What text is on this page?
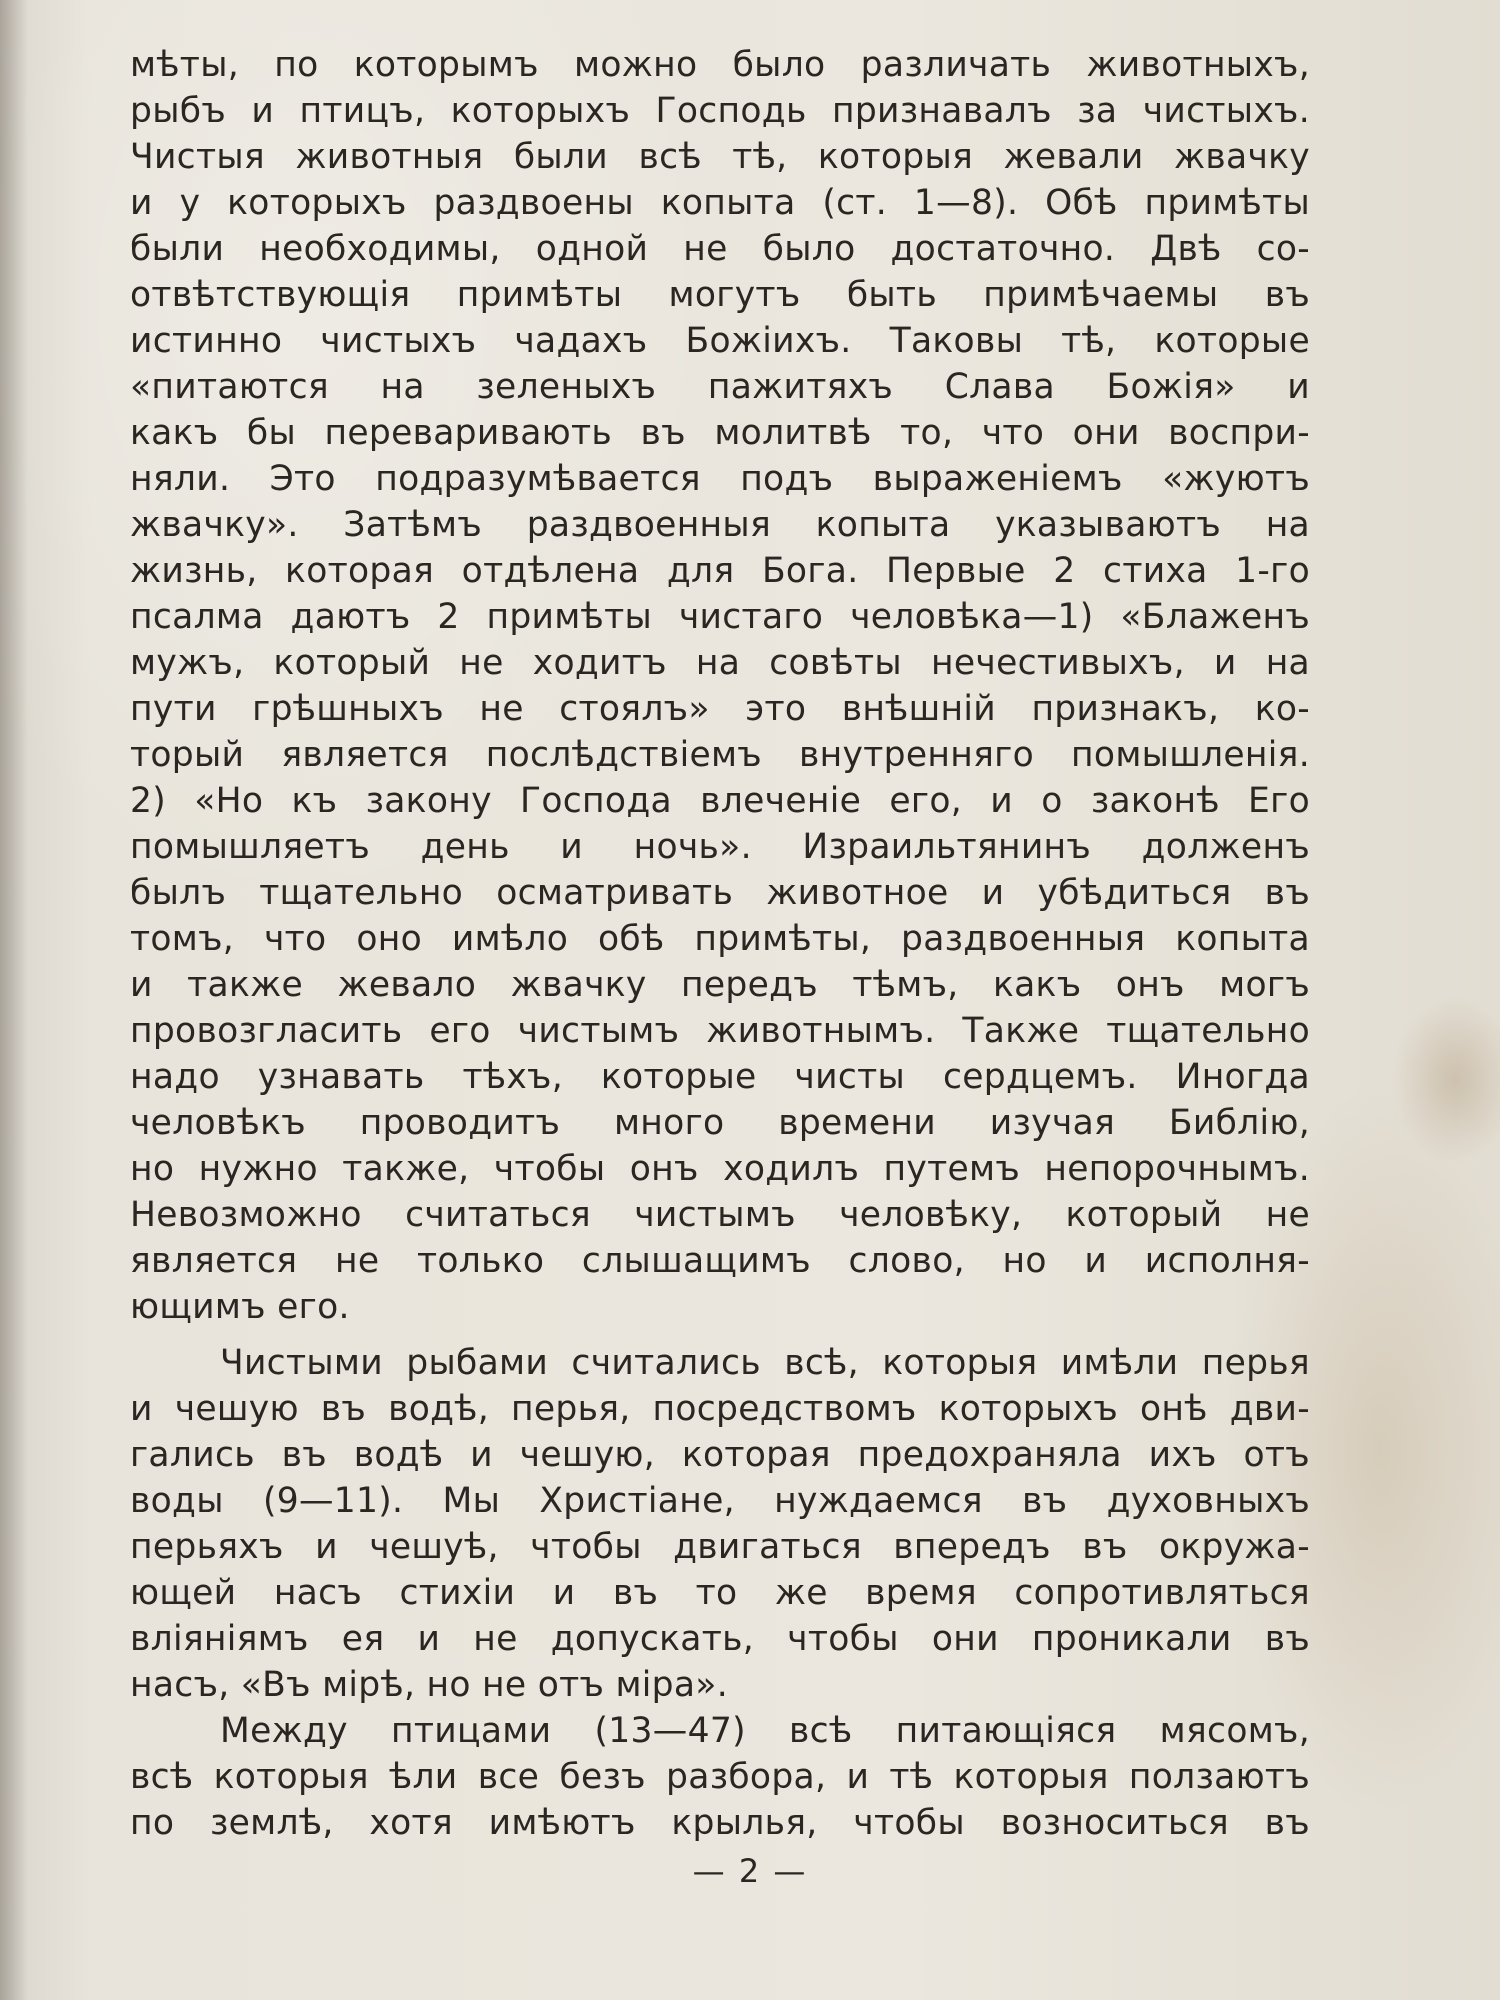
мѣты, по которымъ можно было различать животныхъ,
рыбъ и птицъ, которыхъ Господь признавалъ за чистыхъ.
Чистыя животныя были всѣ тѣ, которыя жевали жвачку
и у которыхъ раздвоены копыта (ст. 1—8). Обѣ примѣты
были необходимы, одной не было достаточно. Двѣ со-
отвѣтствующія примѣты могутъ быть примѣчаемы въ
истинно чистыхъ чадахъ Божіихъ. Таковы тѣ, которые
«питаются на зеленыхъ пажитяхъ Слава Божія» и
какъ бы переваривають въ молитвѣ то, что они воспри-
няли. Это подразумѣвается подъ выраженіемъ «жуютъ
жвачку». Затѣмъ раздвоенныя копыта указываютъ на
жизнь, которая отдѣлена для Бога. Первые 2 стиха 1-го
псалма даютъ 2 примѣты чистаго человѣка—1) «Блаженъ
мужъ, который не ходитъ на совѣты нечестивыхъ, и на
пути грѣшныхъ не стоялъ» это внѣшній признакъ, ко-
торый является послѣдствіемъ внутренняго помышленія.
2) «Но къ закону Господа влеченіе его, и о законѣ Его
помышляетъ день и ночь». Израильтянинъ долженъ
былъ тщательно осматривать животное и убѣдиться въ
томъ, что оно имѣло обѣ примѣты, раздвоенныя копыта
и также жевало жвачку передъ тѣмъ, какъ онъ могъ
провозгласить его чистымъ животнымъ. Также тщательно
надо узнавать тѣхъ, которые чисты сердцемъ. Иногда
человѣкъ проводитъ много времени изучая Библію,
но нужно также, чтобы онъ ходилъ путемъ непорочнымъ.
Невозможно считаться чистымъ человѣку, который не
является не только слышащимъ слово, но и исполня-
ющимъ его.
Чистыми рыбами считались всѣ, которыя имѣли перья
и чешую въ водѣ, перья, посредствомъ которыхъ онѣ дви-
гались въ водѣ и чешую, которая предохраняла ихъ отъ
воды (9—11). Мы Христіане, нуждаемся въ духовныхъ
перьяхъ и чешуѣ, чтобы двигаться впередъ въ окружа-
ющей насъ стихіи и въ то же время сопротивляться
вліяніямъ ея и не допускать, чтобы они проникали въ
насъ, «Въ мірѣ, но не отъ міра».
Между птицами (13—47) всѣ питающіяся мясомъ,
всѣ которыя ѣли все безъ разбора, и тѣ которыя ползаютъ
по землѣ, хотя имѣютъ крылья, чтобы возноситься въ
— 2 —
